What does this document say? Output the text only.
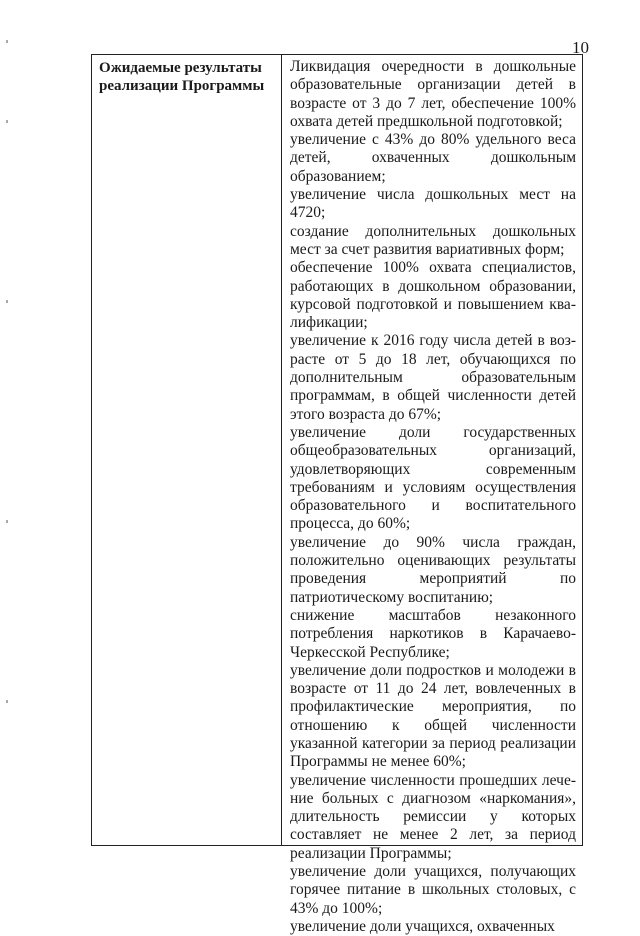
10
Ожидаемые результаты реализации Программы

Ликвидация очередности в дошкольные образовательные организации детей в возрасте от 3 до 7 лет, обеспечение 100% охвата детей предшкольной подготовкой;

увеличение с 43% до 80% удельного веса детей, охваченных дошкольным образованием;

увеличение числа дошкольных мест на 4720;

создание дополнительных дошкольных мест за счет развития вариативных форм;

обеспечение 100% охвата специалистов, работающих в дошкольном образовании, курсовой подготовкой и повышением квалификации;

увеличение к 2016 году числа детей в возрасте от 5 до 18 лет, обучающихся по дополнительным образовательным программам, в общей численности детей этого возраста до 67%;

увеличение доли государственных общеобразовательных организаций, удовлетворяющих современным требованиям и условиям осуществления образовательного и воспитательного процесса, до 60%;

увеличение до 90% числа граждан, положительно оценивающих результаты проведения мероприятий по патриотическому воспитанию;

снижение масштабов незаконного потребления наркотиков в Карачаево-Черкесской Республике;

увеличение доли подростков и молодежи в возрасте от 11 до 24 лет, вовлеченных в профилактические мероприятия, по отношению к общей численности указанной категории за период реализации Программы не менее 60%;

увеличение численности прошедших лечение больных с диагнозом «наркомания», длительность ремиссии у которых составляет не менее 2 лет, за период реализации Программы;

увеличение доли учащихся, получающих горячее питание в школьных столовых, с 43% до 100%;

увеличение доли учащихся, охваченных
